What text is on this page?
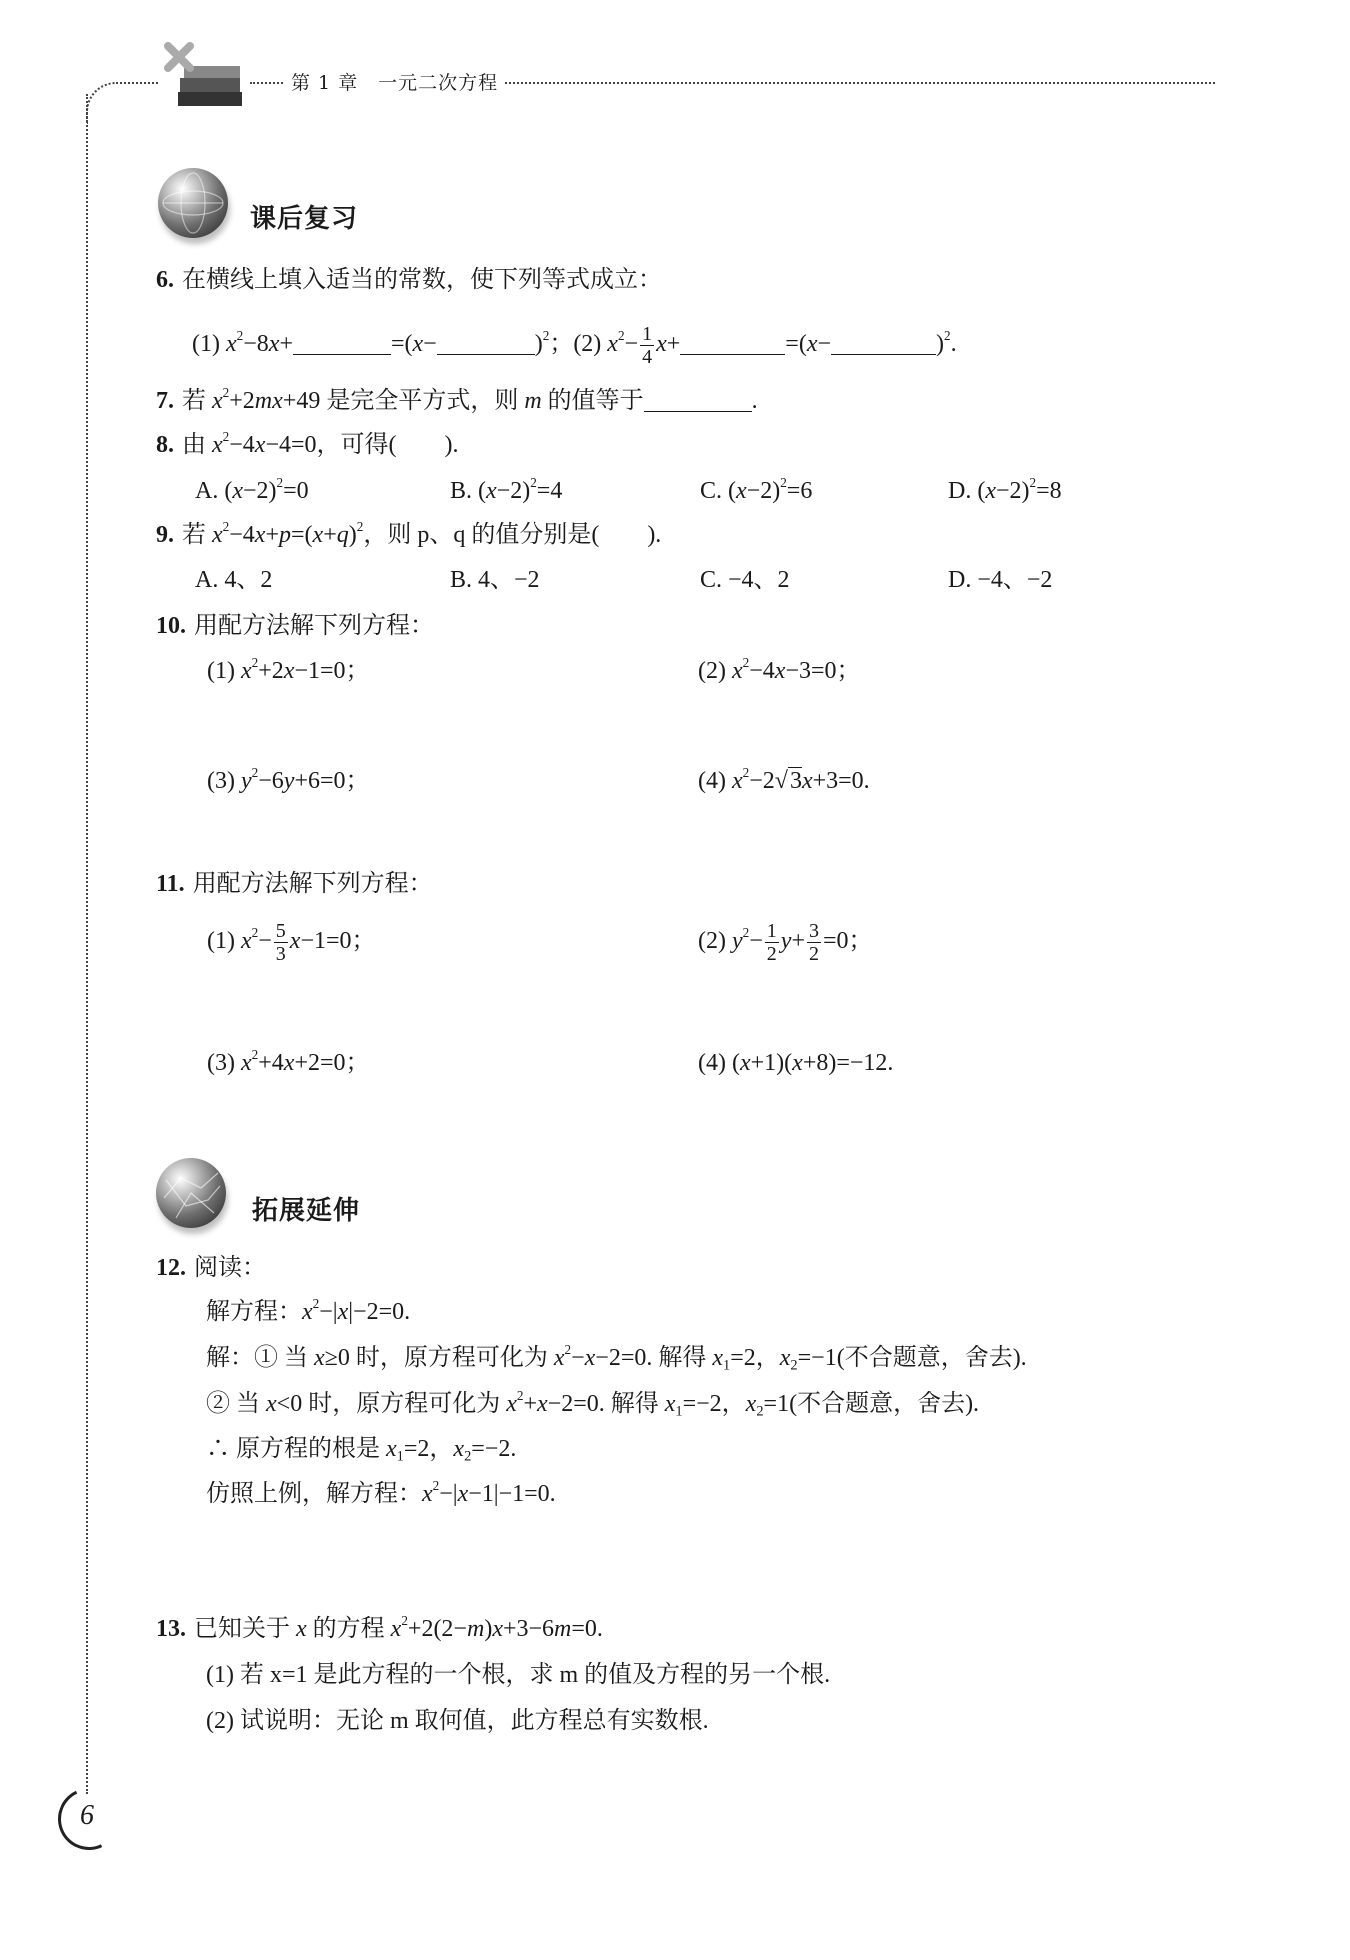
第 1 章　一元二次方程
课后复习
6. 在横线上填入适当的常数，使下列等式成立：
(1) $x^2-8x+$	=(x−	)$^2$；(2) $x^2- \frac{1}{4} x+$	=(x−	)$^2$.
7. 若 $x^2+2mx+49$ 是完全平方式，则 m 的值等于	.
8. 由 $x^2-4x-4=0$，可得(　　).
A. $(x-2)^2=0$	B. $(x-2)^2=4$	C. $(x-2)^2=6$	D. $(x-2)^2=8$
9. 若 $x^2-4x+p=(x+q)^2$，则 p、q 的值分别是(　　).
A. 4、2	B. 4、−2	C. −4、2	D. −4、−2
10. 用配方法解下列方程：
(1) $x^2+2x-1=0$；	(2) $x^2-4x-3=0$；
(3) $y^2-6y+6=0$；	(4) $x^2-2√3x+3=0$.
11. 用配方法解下列方程：
(1) $x^2- \frac{5}{3} x-1=0$；	(2) $y^2- \frac{1}{2} y+ \frac{3}{2} =0$；
(3) $x^2+4x+2=0$；	(4) (x+1)(x+8)=−12.
拓展延伸
12. 阅读：
解方程：$x^2-|x|-2=0$.
解：① 当 x≥0 时，原方程可化为 $x^2-x-2=0$. 解得 $x_1=2$，$x_2=-1$(不合题意，舍去).
② 当 x<0 时，原方程可化为 $x^2+x-2=0$. 解得 $x_1=-2$，$x_2=1$(不合题意，舍去).
∴ 原方程的根是 $x_1=2$，$x_2=-2$.
仿照上例，解方程：$x^2-|x-1|-1=0$.
13. 已知关于 x 的方程 $x^2+2(2-m)x+3-6m=0$.
(1) 若 x=1 是此方程的一个根，求 m 的值及方程的另一个根.
(2) 试说明：无论 m 取何值，此方程总有实数根.
6
